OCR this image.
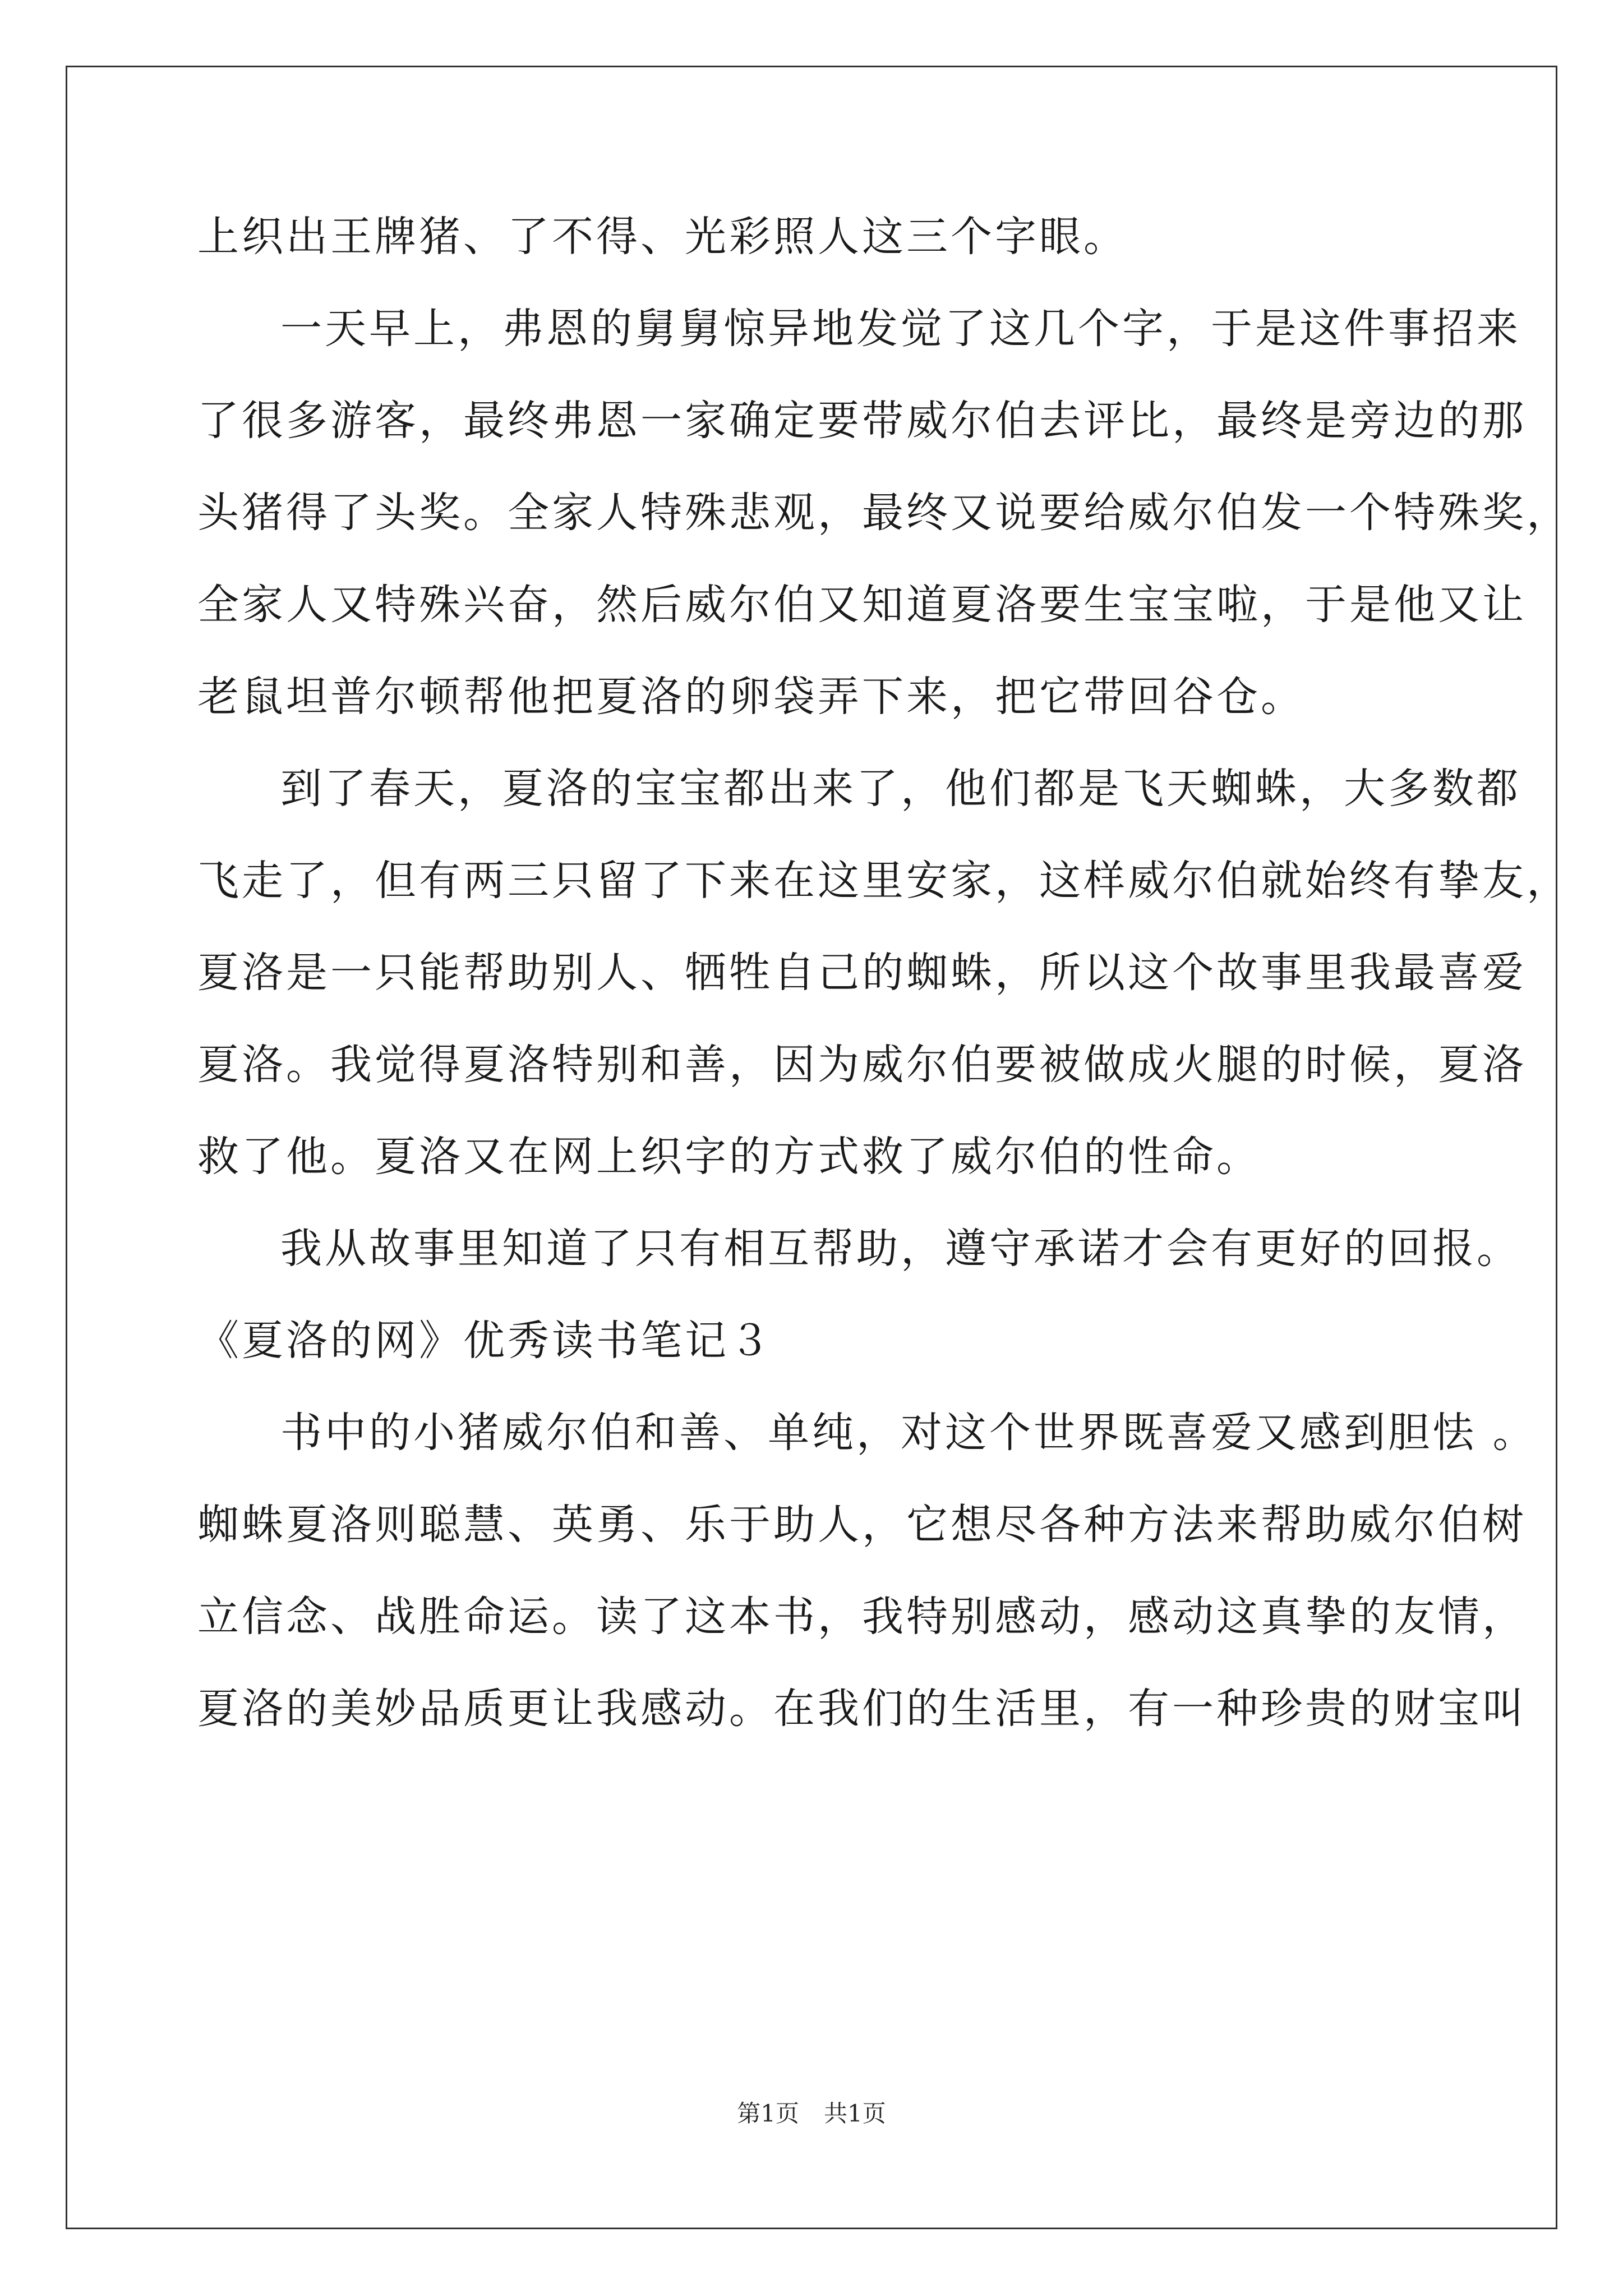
上织出王牌猪、了不得、光彩照人这三个字眼。
一天早上，弗恩的舅舅惊异地发觉了这几个字，于是这件事招来
了很多游客，最终弗恩一家确定要带威尔伯去评比，最终是旁边的那
头猪得了头奖。全家人特殊悲观，最终又说要给威尔伯发一个特殊奖，
全家人又特殊兴奋，然后威尔伯又知道夏洛要生宝宝啦，于是他又让
老鼠坦普尔顿帮他把夏洛的卵袋弄下来，把它带回谷仓。
到了春天，夏洛的宝宝都出来了，他们都是飞天蜘蛛，大多数都
飞走了，但有两三只留了下来在这里安家，这样威尔伯就始终有挚友，
夏洛是一只能帮助别人、牺牲自己的蜘蛛，所以这个故事里我最喜爱
夏洛。我觉得夏洛特别和善，因为威尔伯要被做成火腿的时候，夏洛
救了他。夏洛又在网上织字的方式救了威尔伯的性命。
我从故事里知道了只有相互帮助，遵守承诺才会有更好的回报。
《夏洛的网》优秀读书笔记３
书中的小猪威尔伯和善、单纯，对这个世界既喜爱又感到胆怯 。
蜘蛛夏洛则聪慧、英勇、乐于助人，它想尽各种方法来帮助威尔伯树
立信念、战胜命运。读了这本书，我特别感动，感动这真挚的友情，
夏洛的美妙品质更让我感动。在我们的生活里，有一种珍贵的财宝叫
第1页 共1页
